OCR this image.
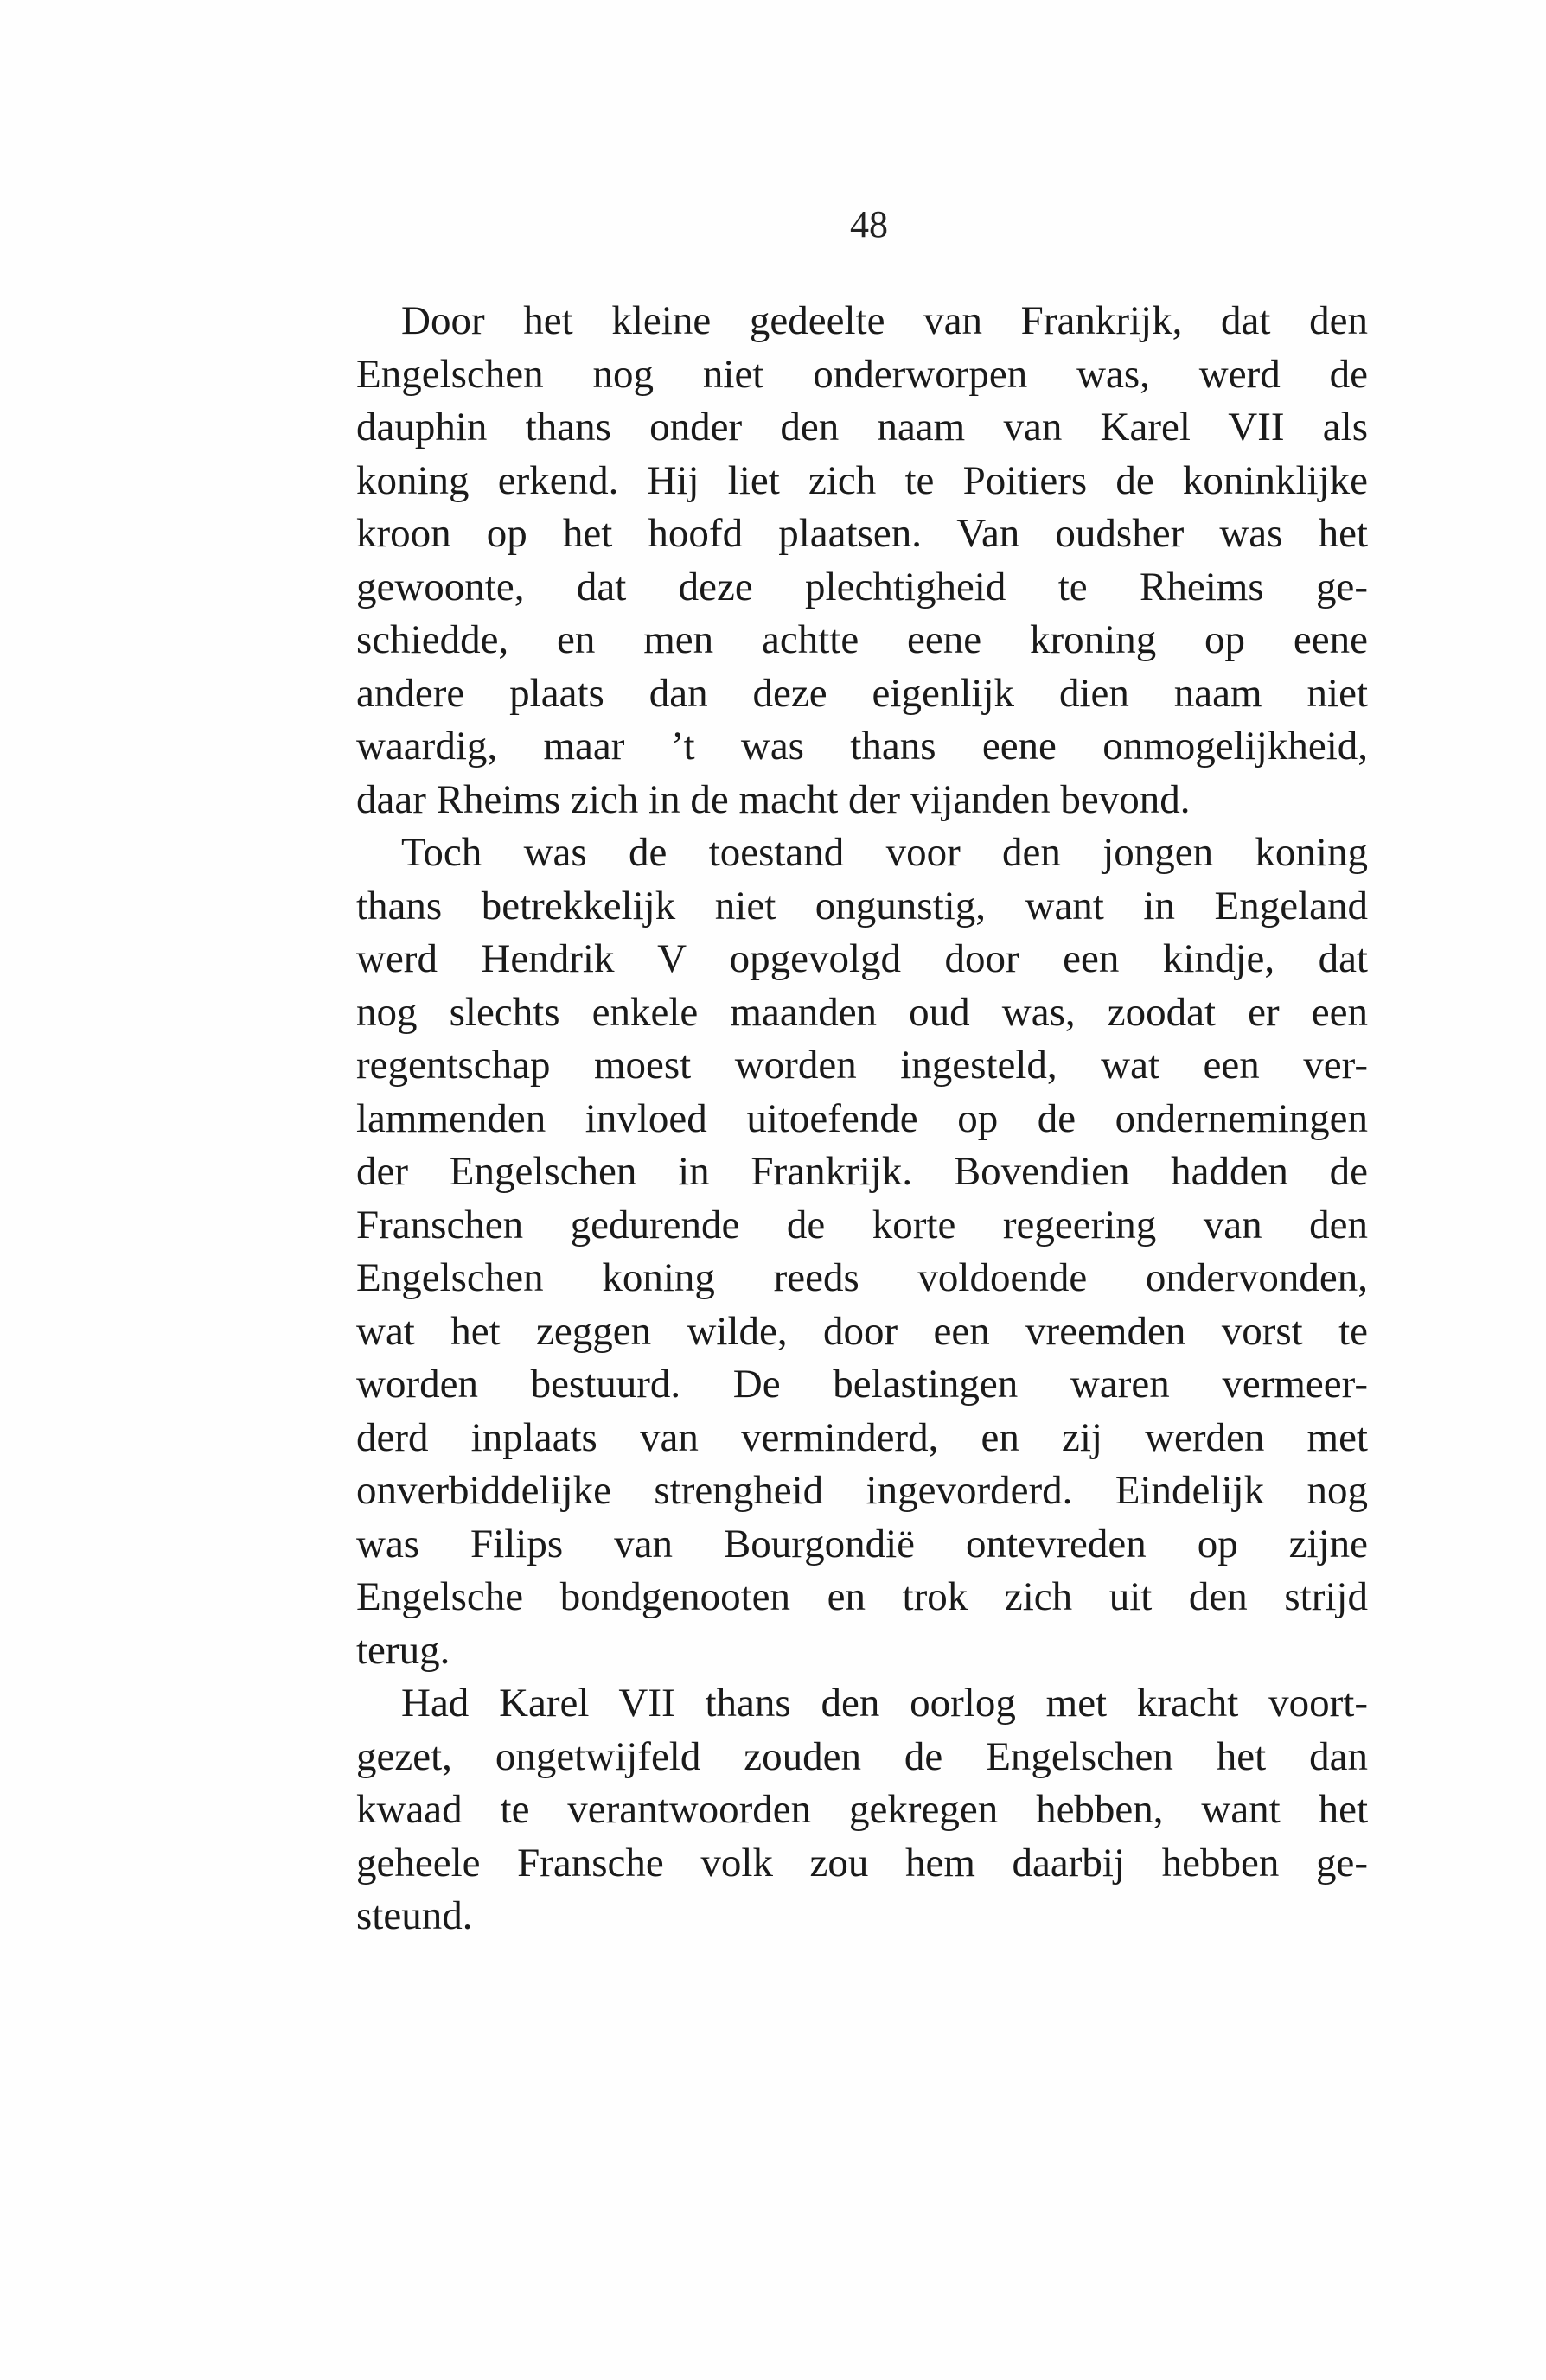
48
Door het kleine gedeelte van Frankrijk, dat den
Engelschen nog niet onderworpen was, werd de
dauphin thans onder den naam van Karel VII als
koning erkend. Hij liet zich te Poitiers de koninklijke
kroon op het hoofd plaatsen. Van oudsher was het
gewoonte, dat deze plechtigheid te Rheims ge-
schiedde, en men achtte eene kroning op eene
andere plaats dan deze eigenlijk dien naam niet
waardig, maar ’t was thans eene onmogelijkheid,
daar Rheims zich in de macht der vijanden bevond.
Toch was de toestand voor den jongen koning
thans betrekkelijk niet ongunstig, want in Engeland
werd Hendrik V opgevolgd door een kindje, dat
nog slechts enkele maanden oud was, zoodat er een
regentschap moest worden ingesteld, wat een ver-
lammenden invloed uitoefende op de ondernemingen
der Engelschen in Frankrijk. Bovendien hadden de
Franschen gedurende de korte regeering van den
Engelschen koning reeds voldoende ondervonden,
wat het zeggen wilde, door een vreemden vorst te
worden bestuurd. De belastingen waren vermeer-
derd inplaats van verminderd, en zij werden met
onverbiddelijke strengheid ingevorderd. Eindelijk nog
was Filips van Bourgondië ontevreden op zijne
Engelsche bondgenooten en trok zich uit den strijd
terug.
Had Karel VII thans den oorlog met kracht voort-
gezet, ongetwijfeld zouden de Engelschen het dan
kwaad te verantwoorden gekregen hebben, want het
geheele Fransche volk zou hem daarbij hebben ge-
steund.
